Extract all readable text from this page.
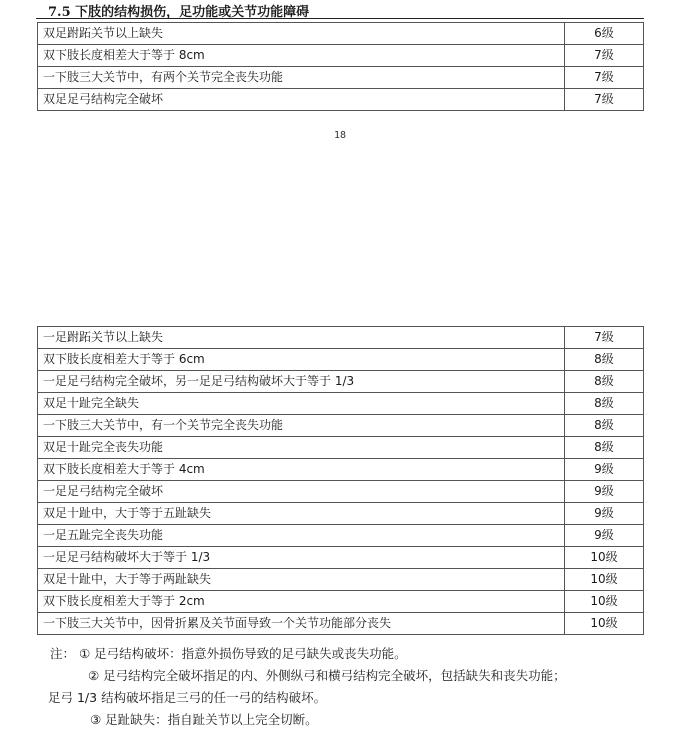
7.5 下肢的结构损伤，足功能或关节功能障碍
双足跗跖关节以上缺失	6级
双下肢长度相差大于等于 8cm	7级
一下肢三大关节中，有两个关节完全丧失功能	7级
双足足弓结构完全破坏	7级
18
一足跗跖关节以上缺失	7级
双下肢长度相差大于等于 6cm	8级
一足足弓结构完全破坏，另一足足弓结构破坏大于等于 1/3	8级
双足十趾完全缺失	8级
一下肢三大关节中，有一个关节完全丧失功能	8级
双足十趾完全丧失功能	8级
双下肢长度相差大于等于 4cm	9级
一足足弓结构完全破坏	9级
双足十趾中，大于等于五趾缺失	9级
一足五趾完全丧失功能	9级
一足足弓结构破坏大于等于 1/3	10级
双足十趾中，大于等于两趾缺失	10级
双下肢长度相差大于等于 2cm	10级
一下肢三大关节中，因骨折累及关节面导致一个关节功能部分丧失	10级
注： ① 足弓结构破坏：指意外损伤导致的足弓缺失或丧失功能。
② 足弓结构完全破坏指足的内、外侧纵弓和横弓结构完全破坏，包括缺失和丧失功能；
足弓 1/3 结构破坏指足三弓的任一弓的结构破坏。
③ 足趾缺失：指自趾关节以上完全切断。
